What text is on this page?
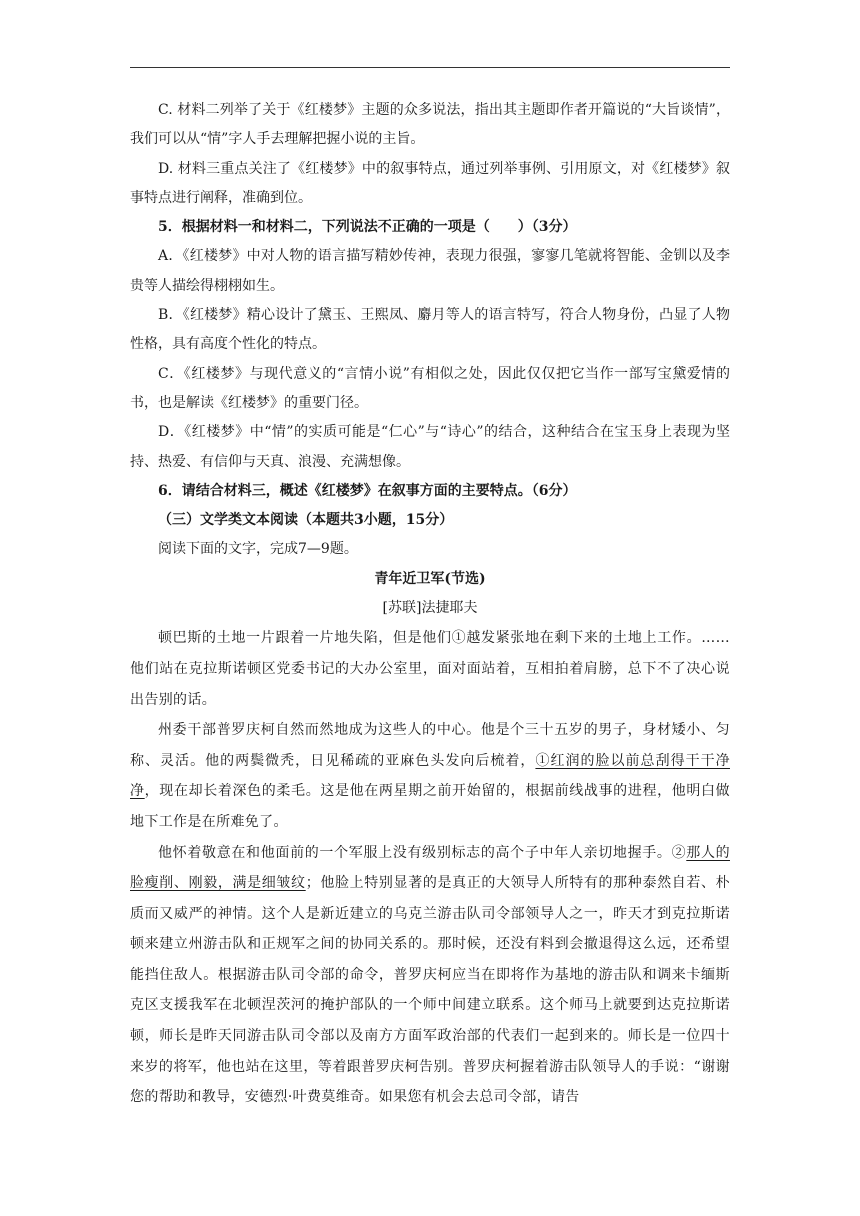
C. 材料二列举了关于《红楼梦》主题的众多说法，指出其主题即作者开篇说的“大旨谈情”，我们可以从“情”字人手去理解把握小说的主旨。

D. 材料三重点关注了《红楼梦》中的叙事特点，通过列举事例、引用原文，对《红楼梦》叙事特点进行阐释，准确到位。

5．根据材料一和材料二，下列说法不正确的一项是（　　）（3分）

A．《红楼梦》中对人物的语言描写精妙传神，表现力很强，寥寥几笔就将智能、金钏以及李贵等人描绘得栩栩如生。

B．《红楼梦》精心设计了黛玉、王熙凤、麝月等人的语言特写，符合人物身份，凸显了人物性格，具有高度个性化的特点。

C．《红楼梦》与现代意义的“言情小说”有相似之处，因此仅仅把它当作一部写宝黛爱情的书，也是解读《红楼梦》的重要门径。

D．《红楼梦》中“情”的实质可能是“仁心”与“诗心”的结合，这种结合在宝玉身上表现为坚持、热爱、有信仰与天真、浪漫、充满想像。

6．请结合材料三，概述《红楼梦》在叙事方面的主要特点。（6分）

（三）文学类文本阅读（本题共3小题，15分）

阅读下面的文字，完成7—9题。

青年近卫军(节选)

[苏联]法捷耶夫

顿巴斯的土地一片跟着一片地失陷，但是他们①越发紧张地在剩下来的土地上工作。……他们站在克拉斯诺顿区党委书记的大办公室里，面对面站着，互相拍着肩膀，总下不了决心说出告别的话。

州委干部普罗庆柯自然而然地成为这些人的中心。他是个三十五岁的男子，身材矮小、匀称、灵活。他的两鬓微秃，日见稀疏的亚麻色头发向后梳着，①红润的脸以前总刮得干干净净，现在却长着深色的柔毛。这是他在两星期之前开始留的，根据前线战事的进程，他明白做地下工作是在所难免了。

他怀着敬意在和他面前的一个军服上没有级别标志的高个子中年人亲切地握手。②那人的脸瘦削、刚毅，满是细皱纹；他脸上特别显著的是真正的大领导人所特有的那种泰然自若、朴质而又威严的神情。这个人是新近建立的乌克兰游击队司令部领导人之一，昨天才到克拉斯诺顿来建立州游击队和正规军之间的协同关系的。那时候，还没有料到会撤退得这么远，还希望能挡住敌人。根据游击队司令部的命令，普罗庆柯应当在即将作为基地的游击队和调来卡缅斯克区支援我军在北顿涅茨河的掩护部队的一个师中间建立联系。这个师马上就要到达克拉斯诺顿，师长是昨天同游击队司令部以及南方方面军政治部的代表们一起到来的。师长是一位四十来岁的将军，他也站在这里，等着跟普罗庆柯告别。普罗庆柯握着游击队领导人的手说：“谢谢您的帮助和教导，安德烈·叶费莫维奇。如果您有机会去总司令部，请告
